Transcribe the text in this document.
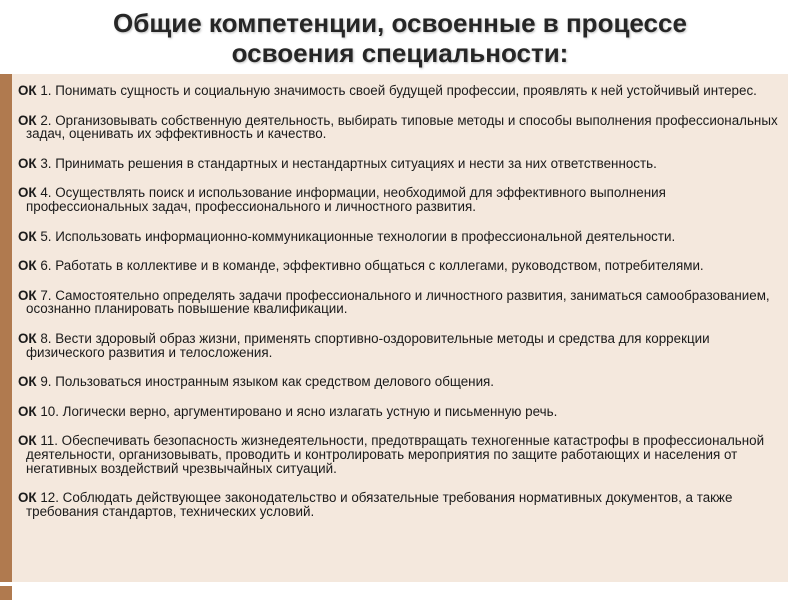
Общие компетенции, освоенные в процессе
освоения специальности:

ОК 1. Понимать сущность и социальную значимость своей будущей профессии, проявлять к ней устойчивый интерес.

ОК 2. Организовывать собственную деятельность, выбирать типовые методы и способы выполнения профессиональных задач, оценивать их эффективность и качество.

ОК 3. Принимать решения в стандартных и нестандартных ситуациях и нести за них ответственность.

ОК 4. Осуществлять поиск и использование информации, необходимой для эффективного выполнения профессиональных задач, профессионального и личностного развития.

ОК 5. Использовать информационно-коммуникационные технологии в профессиональной деятельности.

ОК 6. Работать в коллективе и в команде, эффективно общаться с коллегами, руководством, потребителями.

ОК 7. Самостоятельно определять задачи профессионального и личностного развития, заниматься самообразованием, осознанно планировать повышение квалификации.

ОК 8. Вести здоровый образ жизни, применять спортивно-оздоровительные методы и средства для коррекции физического развития и телосложения.

ОК 9. Пользоваться иностранным языком как средством делового общения.

ОК 10. Логически верно, аргументировано и ясно излагать устную и письменную речь.

ОК 11. Обеспечивать безопасность жизнедеятельности, предотвращать техногенные катастрофы в профессиональной деятельности, организовывать, проводить и контролировать мероприятия по защите работающих и населения от негативных воздействий чрезвычайных ситуаций.

ОК 12. Соблюдать действующее законодательство и обязательные требования нормативных документов, а также требования стандартов, технических условий.
